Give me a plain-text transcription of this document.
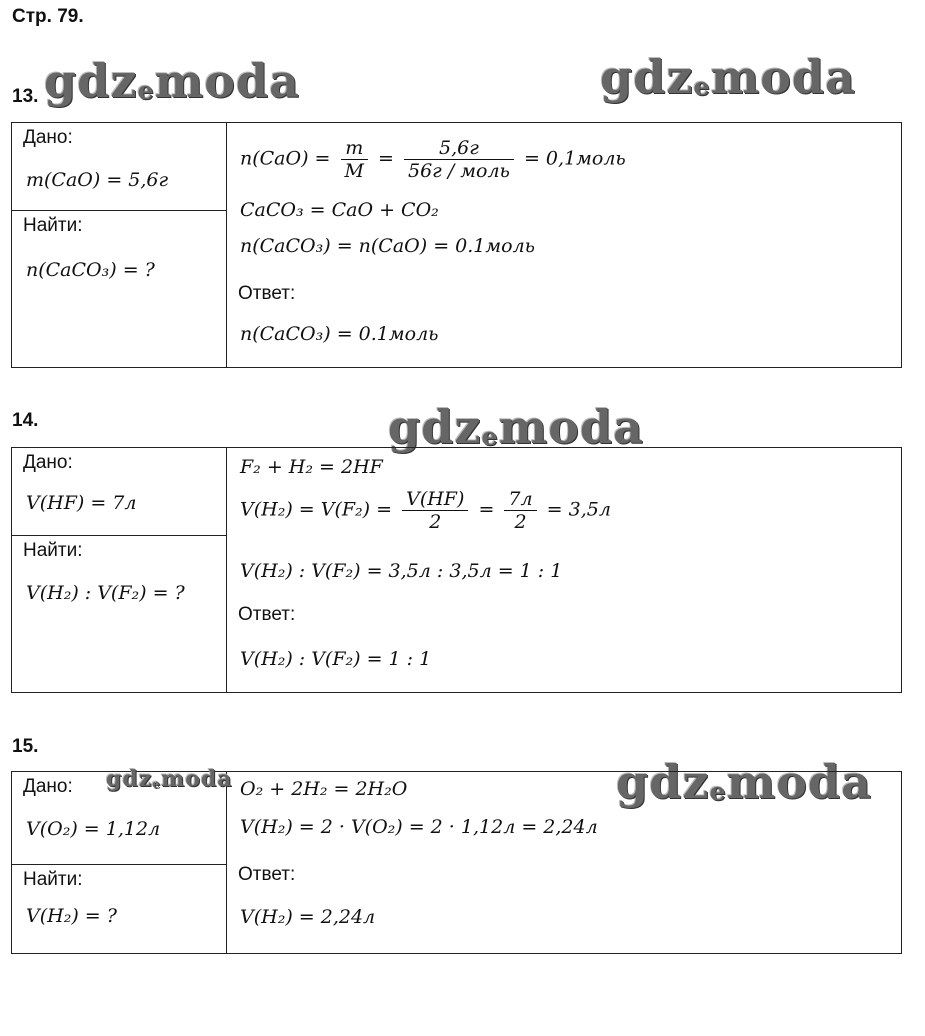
Стр. 79.
gdzemoda	gdzemoda
gdzemoda
gdzemoda
13.
Дано:
m(CaO) = 5,6г
Найти:
n(CaCO₃) = ?
$n(CaO) = \frac{m}{M} = \frac{5,6г}{\text{56г / моль}}$ = 0,1моль
CaCO₃ = CaO + CO₂
n(CaCO₃) = n(CaO) = 0.1моль
Ответ:
n(CaCO₃) = 0.1моль
14.
Дано:
V(HF) = 7л
Найти:
V(H₂) : V(F₂) = ?
F₂ + H₂ = 2HF
$V(H_2) = V(F_2) = \frac{V(HF)}{2} = \frac{7л}{2} = 3,5л$
V(H₂) : V(F₂) = 3,5л : 3,5л = 1 : 1
Ответ:
V(H₂) : V(F₂) = 1 : 1
15.
Дано:
V(O₂) = 1,12л
gdzemoda
Найти:
V(H₂) = ?
O₂ + 2H₂ = 2H₂O
V(H₂) = 2 · V(O₂) = 2 · 1,12л = 2,24л
Ответ:
V(H₂) = 2,24л
